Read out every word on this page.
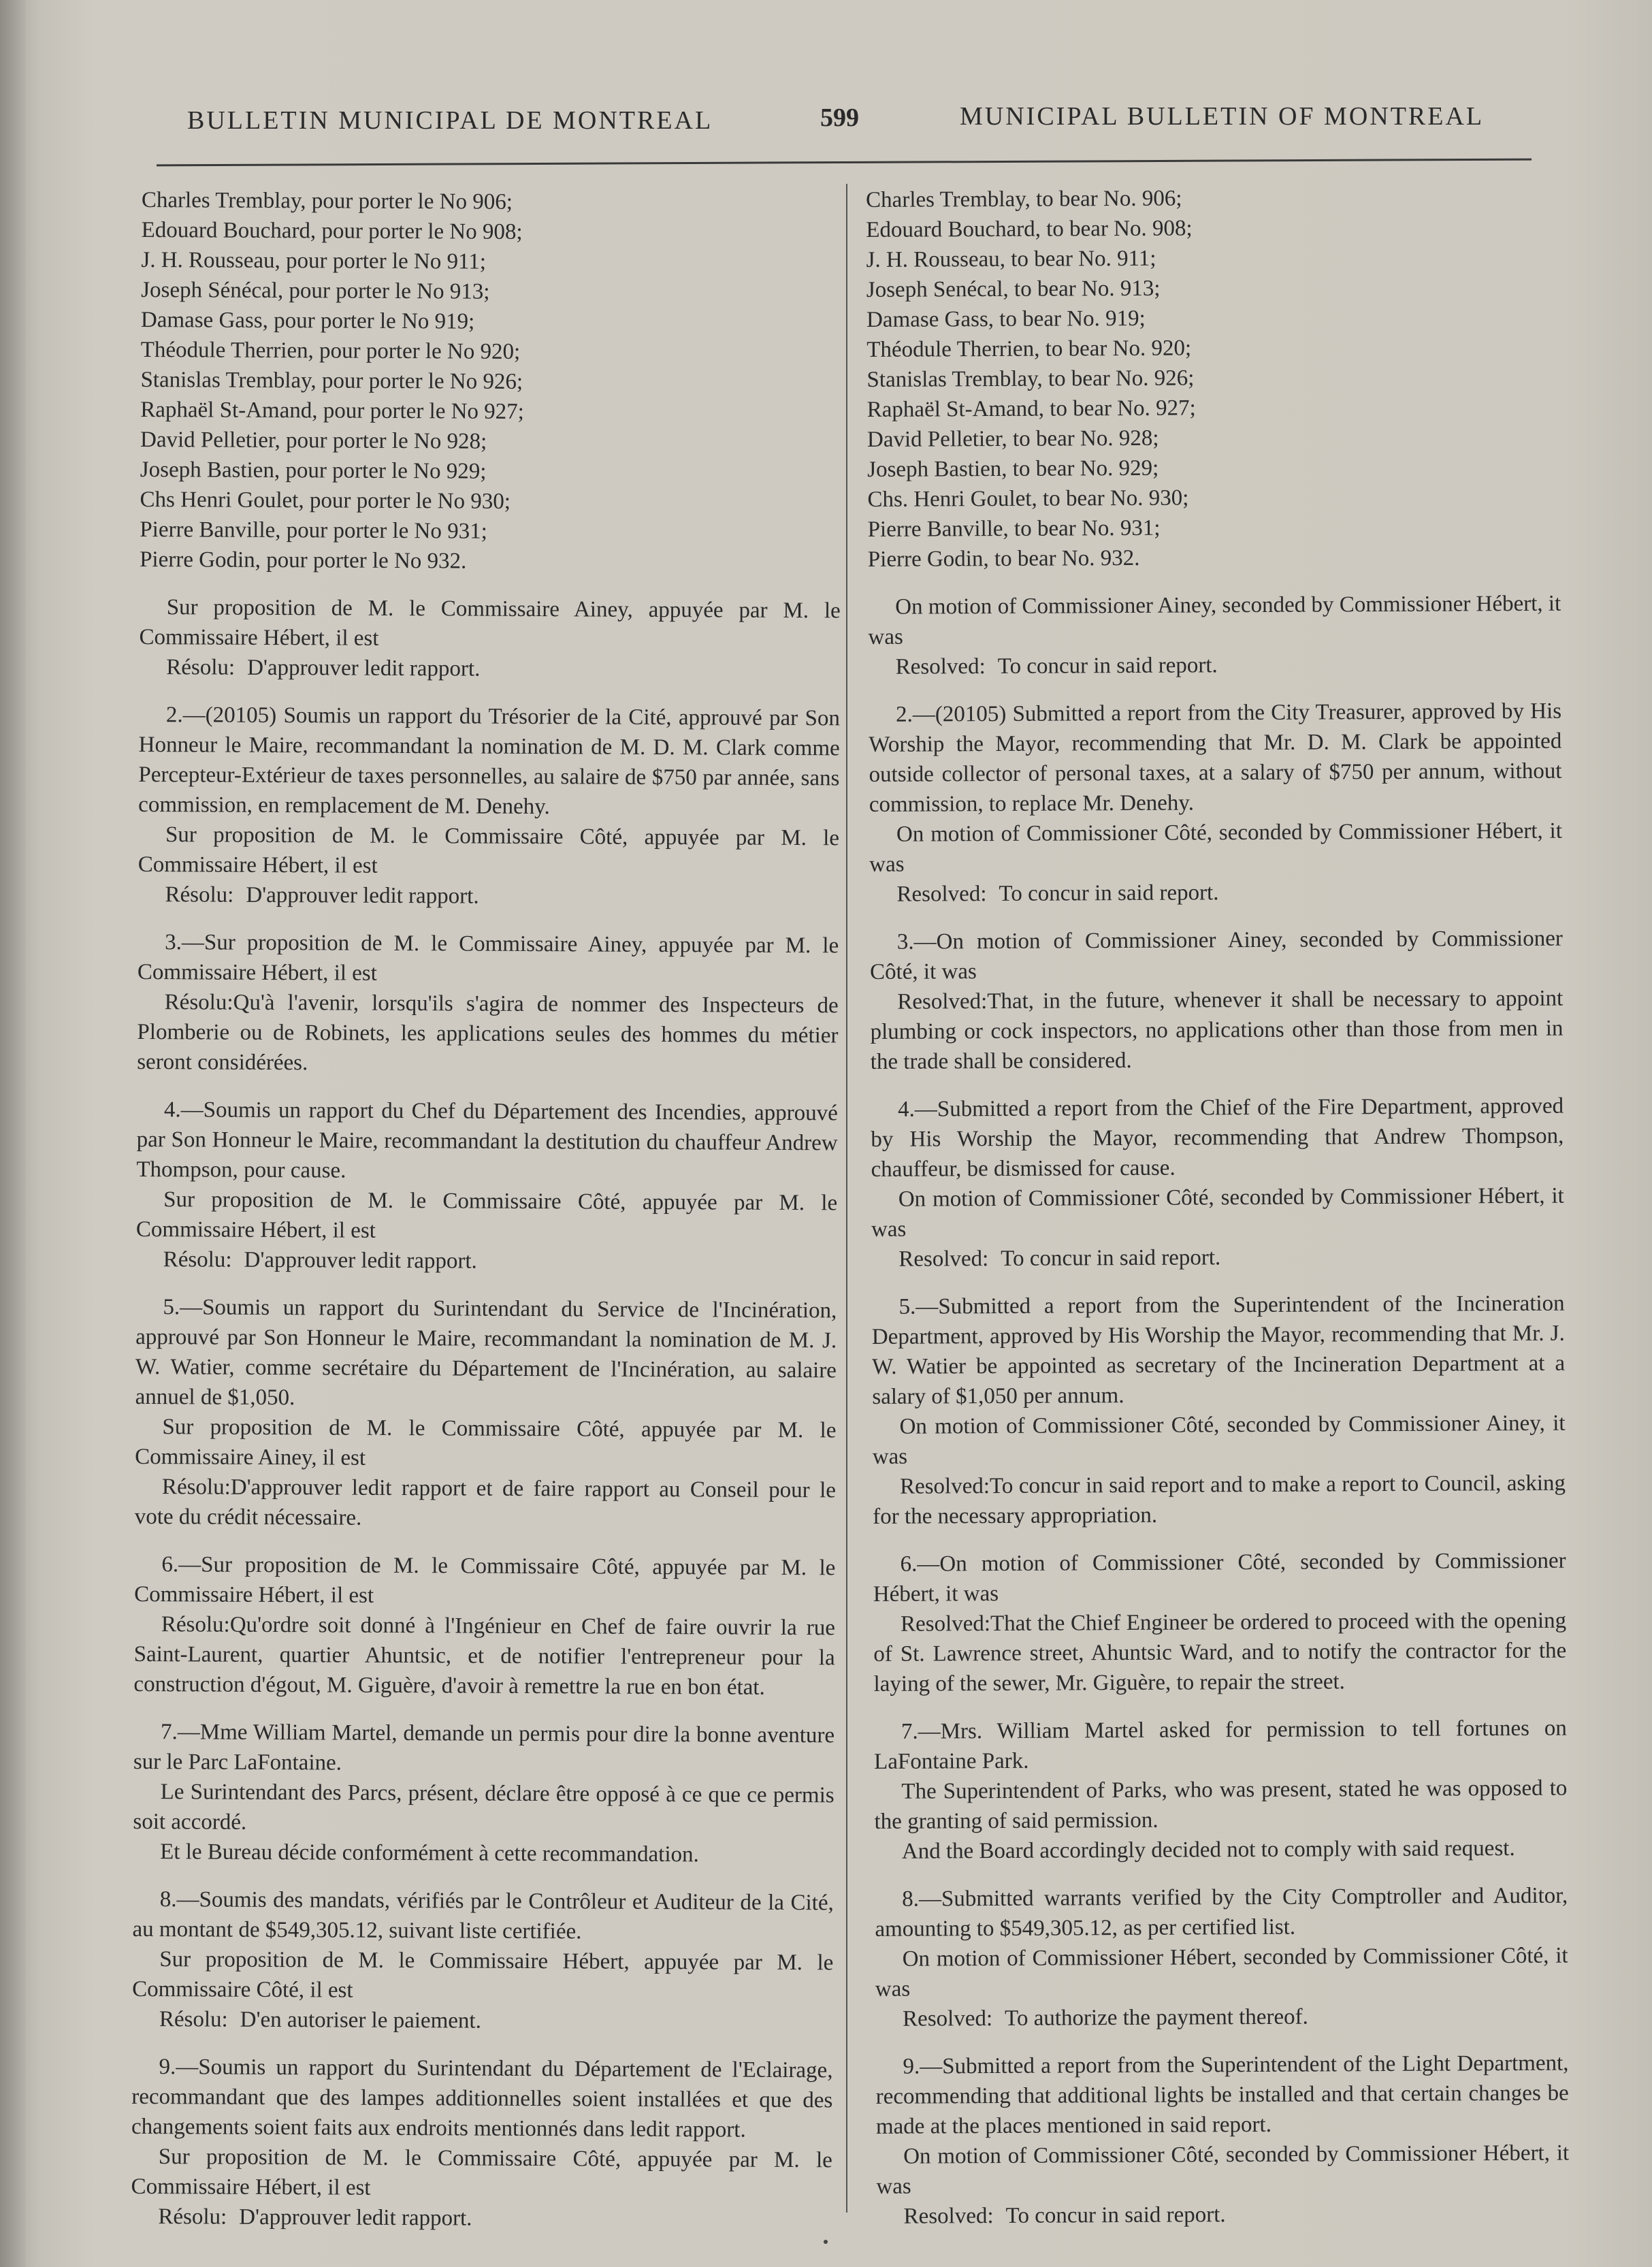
BULLETIN MUNICIPAL DE MONTREAL	599	MUNICIPAL BULLETIN OF MONTREAL
Charles Tremblay, pour porter le No 906;
Edouard Bouchard, pour porter le No 908;
J. H. Rousseau, pour porter le No 911;
Joseph Sénécal, pour porter le No 913;
Damase Gass, pour porter le No 919;
Théodule Therrien, pour porter le No 920;
Stanislas Tremblay, pour porter le No 926;
Raphaël St-Amand, pour porter le No 927;
David Pelletier, pour porter le No 928;
Joseph Bastien, pour porter le No 929;
Chs Henri Goulet, pour porter le No 930;
Pierre Banville, pour porter le No 931;
Pierre Godin, pour porter le No 932.

Sur proposition de M. le Commissaire Ainey, appuyée par M. le Commissaire Hébert, il est

Résolu: D'approuver ledit rapport.

2.—(20105) Soumis un rapport du Trésorier de la Cité, approuvé par Son Honneur le Maire, recommandant la nomination de M. D. M. Clark comme Percepteur-Extérieur de taxes personnelles, au salaire de $750 par année, sans commission, en remplacement de M. Denehy.

Sur proposition de M. le Commissaire Côté, appuyée par M. le Commissaire Hébert, il est

Résolu: D'approuver ledit rapport.

3.—Sur proposition de M. le Commissaire Ainey, appuyée par M. le Commissaire Hébert, il est

Résolu:Qu'à l'avenir, lorsqu'ils s'agira de nommer des Inspecteurs de Plomberie ou de Robinets, les applications seules des hommes du métier seront considérées.

4.—Soumis un rapport du Chef du Département des Incendies, approuvé par Son Honneur le Maire, recommandant la destitution du chauffeur Andrew Thompson, pour cause.

Sur proposition de M. le Commissaire Côté, appuyée par M. le Commissaire Hébert, il est

Résolu: D'approuver ledit rapport.

5.—Soumis un rapport du Surintendant du Service de l'Incinération, approuvé par Son Honneur le Maire, recommandant la nomination de M. J. W. Watier, comme secrétaire du Département de l'Incinération, au salaire annuel de $1,050.

Sur proposition de M. le Commissaire Côté, appuyée par M. le Commissaire Ainey, il est

Résolu:D'approuver ledit rapport et de faire rapport au Conseil pour le vote du crédit nécessaire.

6.—Sur proposition de M. le Commissaire Côté, appuyée par M. le Commissaire Hébert, il est

Résolu:Qu'ordre soit donné à l'Ingénieur en Chef de faire ouvrir la rue Saint-Laurent, quartier Ahuntsic, et de notifier l'entrepreneur pour la construction d'égout, M. Giguère, d'avoir à remettre la rue en bon état.

7.—Mme William Martel, demande un permis pour dire la bonne aventure sur le Parc LaFontaine.

Le Surintendant des Parcs, présent, déclare être opposé à ce que ce permis soit accordé.

Et le Bureau décide conformément à cette recommandation.

8.—Soumis des mandats, vérifiés par le Contrôleur et Auditeur de la Cité, au montant de $549,305.12, suivant liste certifiée.

Sur proposition de M. le Commissaire Hébert, appuyée par M. le Commissaire Côté, il est

Résolu: D'en autoriser le paiement.

9.—Soumis un rapport du Surintendant du Département de l'Eclairage, recommandant que des lampes additionnelles soient installées et que des changements soient faits aux endroits mentionnés dans ledit rapport.

Sur proposition de M. le Commissaire Côté, appuyée par M. le Commissaire Hébert, il est

Résolu: D'approuver ledit rapport.

Charles Tremblay, to bear No. 906;
Edouard Bouchard, to bear No. 908;
J. H. Rousseau, to bear No. 911;
Joseph Senécal, to bear No. 913;
Damase Gass, to bear No. 919;
Théodule Therrien, to bear No. 920;
Stanislas Tremblay, to bear No. 926;
Raphaël St-Amand, to bear No. 927;
David Pelletier, to bear No. 928;
Joseph Bastien, to bear No. 929;
Chs. Henri Goulet, to bear No. 930;
Pierre Banville, to bear No. 931;
Pierre Godin, to bear No. 932.

On motion of Commissioner Ainey, seconded by Commissioner Hébert, it was

Resolved: To concur in said report.

2.—(20105) Submitted a report from the City Treasurer, approved by His Worship the Mayor, recommending that Mr. D. M. Clark be appointed outside collector of personal taxes, at a salary of $750 per annum, without commission, to replace Mr. Denehy.

On motion of Commissioner Côté, seconded by Commissioner Hébert, it was

Resolved: To concur in said report.

3.—On motion of Commissioner Ainey, seconded by Commissioner Côté, it was

Resolved:That, in the future, whenever it shall be necessary to appoint plumbing or cock inspectors, no applications other than those from men in the trade shall be considered.

4.—Submitted a report from the Chief of the Fire Department, approved by His Worship the Mayor, recommending that Andrew Thompson, chauffeur, be dismissed for cause.

On motion of Commissioner Côté, seconded by Commissioner Hébert, it was

Resolved: To concur in said report.

5.—Submitted a report from the Superintendent of the Incineration Department, approved by His Worship the Mayor, recommending that Mr. J. W. Watier be appointed as secretary of the Incineration Department at a salary of $1,050 per annum.

On motion of Commissioner Côté, seconded by Commissioner Ainey, it was

Resolved:To concur in said report and to make a report to Council, asking for the necessary appropriation.

6.—On motion of Commissioner Côté, seconded by Commissioner Hébert, it was

Resolved:That the Chief Engineer be ordered to proceed with the opening of St. Lawrence street, Ahuntsic Ward, and to notify the contractor for the laying of the sewer, Mr. Giguère, to repair the street.

7.—Mrs. William Martel asked for permission to tell fortunes on LaFontaine Park.

The Superintendent of Parks, who was present, stated he was opposed to the granting of said permission.

And the Board accordingly decided not to comply with said request.

8.—Submitted warrants verified by the City Comptroller and Auditor, amounting to $549,305.12, as per certified list.

On motion of Commissioner Hébert, seconded by Commissioner Côté, it was

Resolved: To authorize the payment thereof.

9.—Submitted a report from the Superintendent of the Light Department, recommending that additional lights be installed and that certain changes be made at the places mentioned in said report.

On motion of Commissioner Côté, seconded by Commissioner Hébert, it was

Resolved: To concur in said report.
